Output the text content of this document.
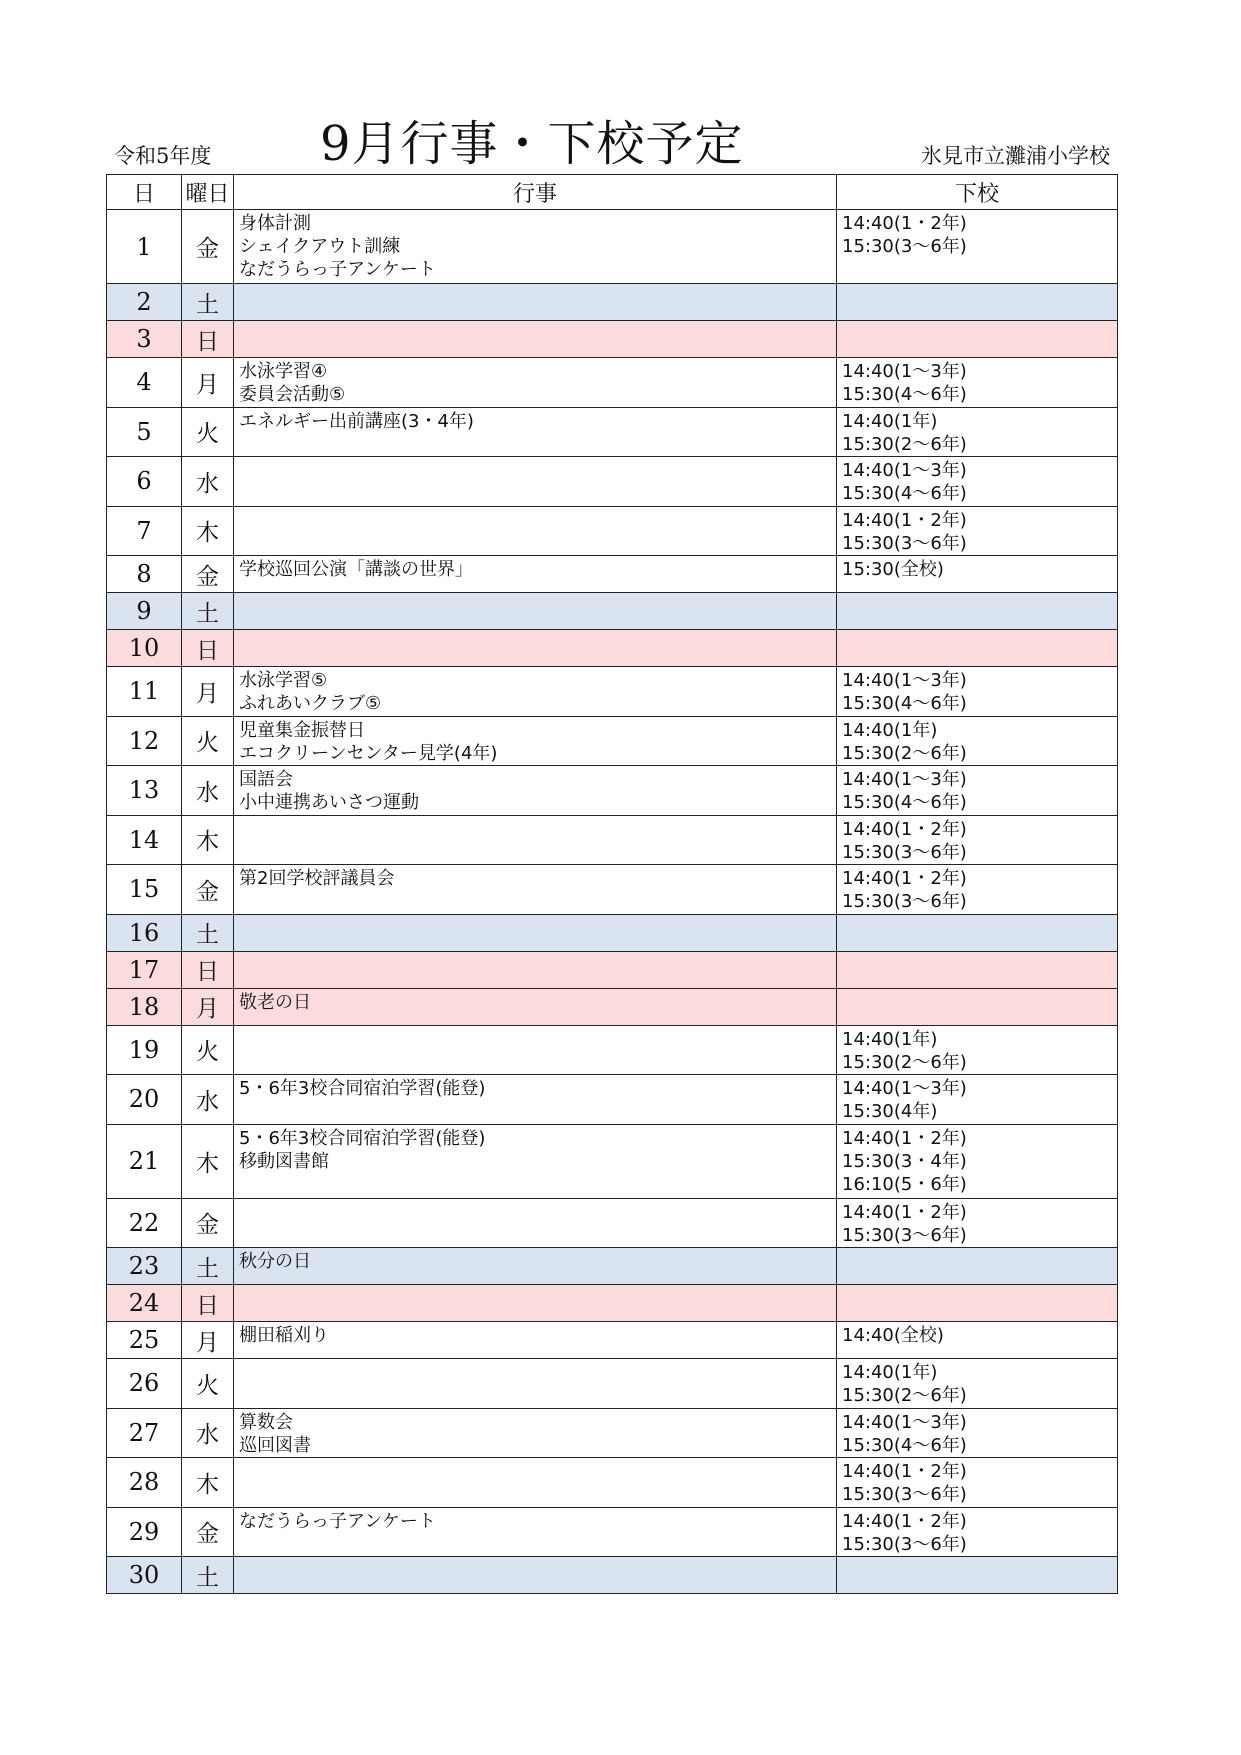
令和5年度 9月行事・下校予定	氷見市立灘浦小学校
日	曜日	行事	下校
1	金	身体計測
シェイクアウト訓練
なだうらっ子アンケート	14:40(1・2年)
15:30(3～6年)

2	土		
3	日		
4	月	水泳学習④
委員会活動⑤	14:40(1～3年)
15:30(4～6年)

5	火	エネルギー出前講座(3・4年)	14:40(1年)
15:30(2～6年)

6	水		14:40(1～3年)
15:30(4～6年)

7	木		14:40(1・2年)
15:30(3～6年)

8	金	学校巡回公演「講談の世界」	15:30(全校)

9	土		
10	日		
11	月	水泳学習⑤
ふれあいクラブ⑤	14:40(1～3年)
15:30(4～6年)

12	火	児童集金振替日
エコクリーンセンター見学(4年)	14:40(1年)
15:30(2～6年)

13	水	国語会
小中連携あいさつ運動	14:40(1～3年)
15:30(4～6年)

14	木		14:40(1・2年)
15:30(3～6年)

15	金	第2回学校評議員会	14:40(1・2年)
15:30(3～6年)

16	土		
17	日		
18	月	敬老の日	

19	火		14:40(1年)
15:30(2～6年)

20	水	5・6年3校合同宿泊学習(能登)	14:40(1～3年)
15:30(4年)

21	木	5・6年3校合同宿泊学習(能登)
移動図書館	14:40(1・2年)
15:30(3・4年)
16:10(5・6年)

22	金		14:40(1・2年)
15:30(3～6年)

23	土	秋分の日	

24	日		
25	月	棚田稲刈り	14:40(全校)

26	火		14:40(1年)
15:30(2～6年)

27	水	算数会
巡回図書	14:40(1～3年)
15:30(4～6年)

28	木		14:40(1・2年)
15:30(3～6年)

29	金	なだうらっ子アンケート	14:40(1・2年)
15:30(3～6年)

30	土		
